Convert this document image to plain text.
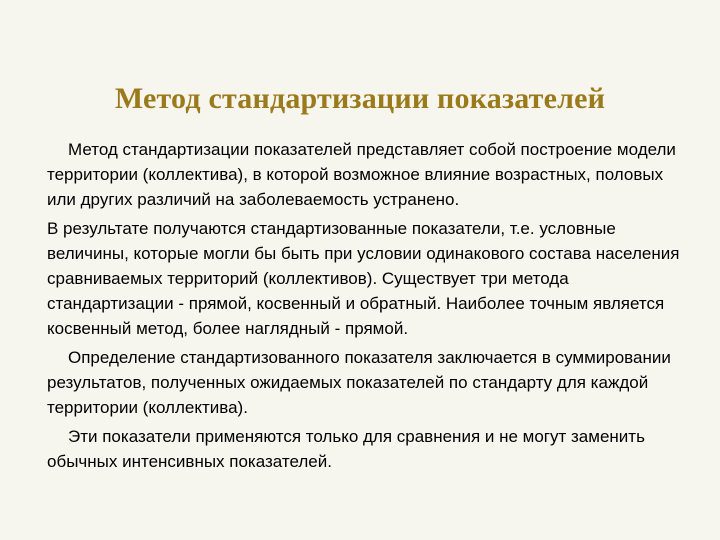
Метод стандартизации показателей

Метод стандартизации показателей представляет собой построение модели территории (коллектива), в которой возможное влияние возрастных, половых или других различий на заболеваемость устранено.

В результате получаются стандартизованные показатели, т.е. условные величины, которые могли бы быть при условии одинакового состава населения сравниваемых территорий (коллективов). Существует три метода стандартизации - прямой, косвенный и обратный. Наиболее точным является косвенный метод, более наглядный - прямой.

Определение стандартизованного показателя заключается в суммировании результатов, полученных ожидаемых показателей по стандарту для каждой территории (коллектива).

Эти показатели применяются только для сравнения и не могут заменить обычных интенсивных показателей.
